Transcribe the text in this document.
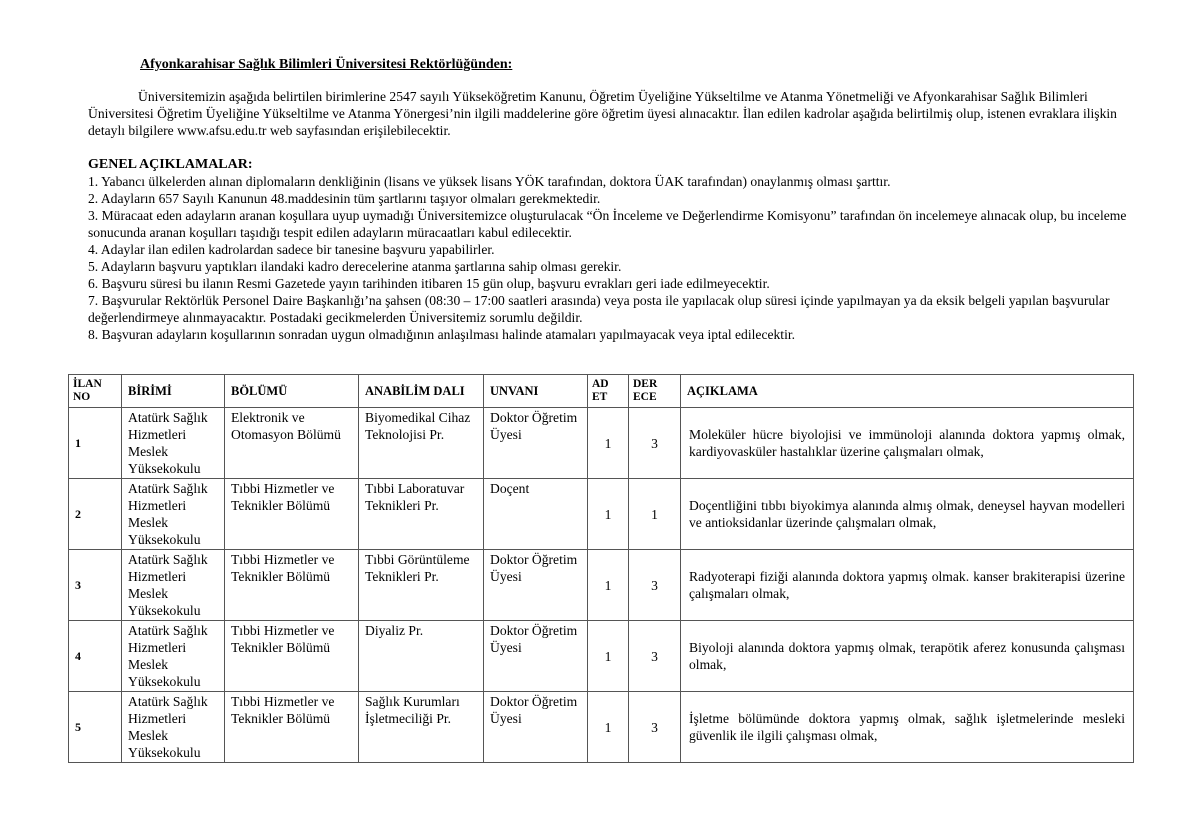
Afyonkarahisar Sağlık Bilimleri Üniversitesi Rektörlüğünden:

Üniversitemizin aşağıda belirtilen birimlerine 2547 sayılı Yükseköğretim Kanunu, Öğretim Üyeliğine Yükseltilme ve Atanma Yönetmeliği ve Afyonkarahisar Sağlık Bilimleri Üniversitesi Öğretim Üyeliğine Yükseltilme ve Atanma Yönergesi’nin ilgili maddelerine göre öğretim üyesi alınacaktır. İlan edilen kadrolar aşağıda belirtilmiş olup, istenen evraklara ilişkin detaylı bilgilere www.afsu.edu.tr web sayfasından erişilebilecektir.

GENEL AÇIKLAMALAR:
1. Yabancı ülkelerden alınan diplomaların denkliğinin (lisans ve yüksek lisans YÖK tarafından, doktora ÜAK tarafından) onaylanmış olması şarttır.
2. Adayların 657 Sayılı Kanunun 48.maddesinin tüm şartlarını taşıyor olmaları gerekmektedir.
3. Müracaat eden adayların aranan koşullara uyup uymadığı Üniversitemizce oluşturulacak “Ön İnceleme ve Değerlendirme Komisyonu” tarafından ön incelemeye alınacak olup, bu inceleme sonucunda aranan koşulları taşıdığı tespit edilen adayların müracaatları kabul edilecektir.
4. Adaylar ilan edilen kadrolardan sadece bir tanesine başvuru yapabilirler.
5. Adayların başvuru yaptıkları ilandaki kadro derecelerine atanma şartlarına sahip olması gerekir.
6. Başvuru süresi bu ilanın Resmi Gazetede yayın tarihinden itibaren 15 gün olup, başvuru evrakları geri iade edilmeyecektir.
7. Başvurular Rektörlük Personel Daire Başkanlığı’na şahsen (08:30 – 17:00 saatleri arasında) veya posta ile yapılacak olup süresi içinde yapılmayan ya da eksik belgeli yapılan başvurular değerlendirmeye alınmayacaktır. Postadaki gecikmelerden Üniversitemiz sorumlu değildir.
8. Başvuran adayların koşullarının sonradan uygun olmadığının anlaşılması halinde atamaları yapılmayacak veya iptal edilecektir.
İLAN NO	BİRİMİ	BÖLÜMÜ	ANABİLİM DALI	UNVANI	AD ET	DER ECE	AÇIKLAMA
1	Atatürk Sağlık Hizmetleri Meslek Yüksekokulu	Elektronik ve Otomasyon Bölümü	Biyomedikal Cihaz Teknolojisi Pr.	Doktor Öğretim Üyesi	1	3	Moleküler hücre biyolojisi ve immünoloji alanında doktora yapmış olmak, kardiyovasküler hastalıklar üzerine çalışmaları olmak,
2	Atatürk Sağlık Hizmetleri Meslek Yüksekokulu	Tıbbi Hizmetler ve Teknikler Bölümü	Tıbbi Laboratuvar Teknikleri Pr.	Doçent	1	1	Doçentliğini tıbbı biyokimya alanında almış olmak, deneysel hayvan modelleri ve antioksidanlar üzerinde çalışmaları olmak,
3	Atatürk Sağlık Hizmetleri Meslek Yüksekokulu	Tıbbi Hizmetler ve Teknikler Bölümü	Tıbbi Görüntüleme Teknikleri Pr.	Doktor Öğretim Üyesi	1	3	Radyoterapi fiziği alanında doktora yapmış olmak. kanser brakiterapisi üzerine çalışmaları olmak,
4	Atatürk Sağlık Hizmetleri Meslek Yüksekokulu	Tıbbi Hizmetler ve Teknikler Bölümü	Diyaliz Pr.	Doktor Öğretim Üyesi	1	3	Biyoloji alanında doktora yapmış olmak, terapötik aferez konusunda çalışması olmak,
5	Atatürk Sağlık Hizmetleri Meslek Yüksekokulu	Tıbbi Hizmetler ve Teknikler Bölümü	Sağlık Kurumları İşletmeciliği Pr.	Doktor Öğretim Üyesi	1	3	İşletme bölümünde doktora yapmış olmak, sağlık işletmelerinde mesleki güvenlik ile ilgili çalışması olmak,
